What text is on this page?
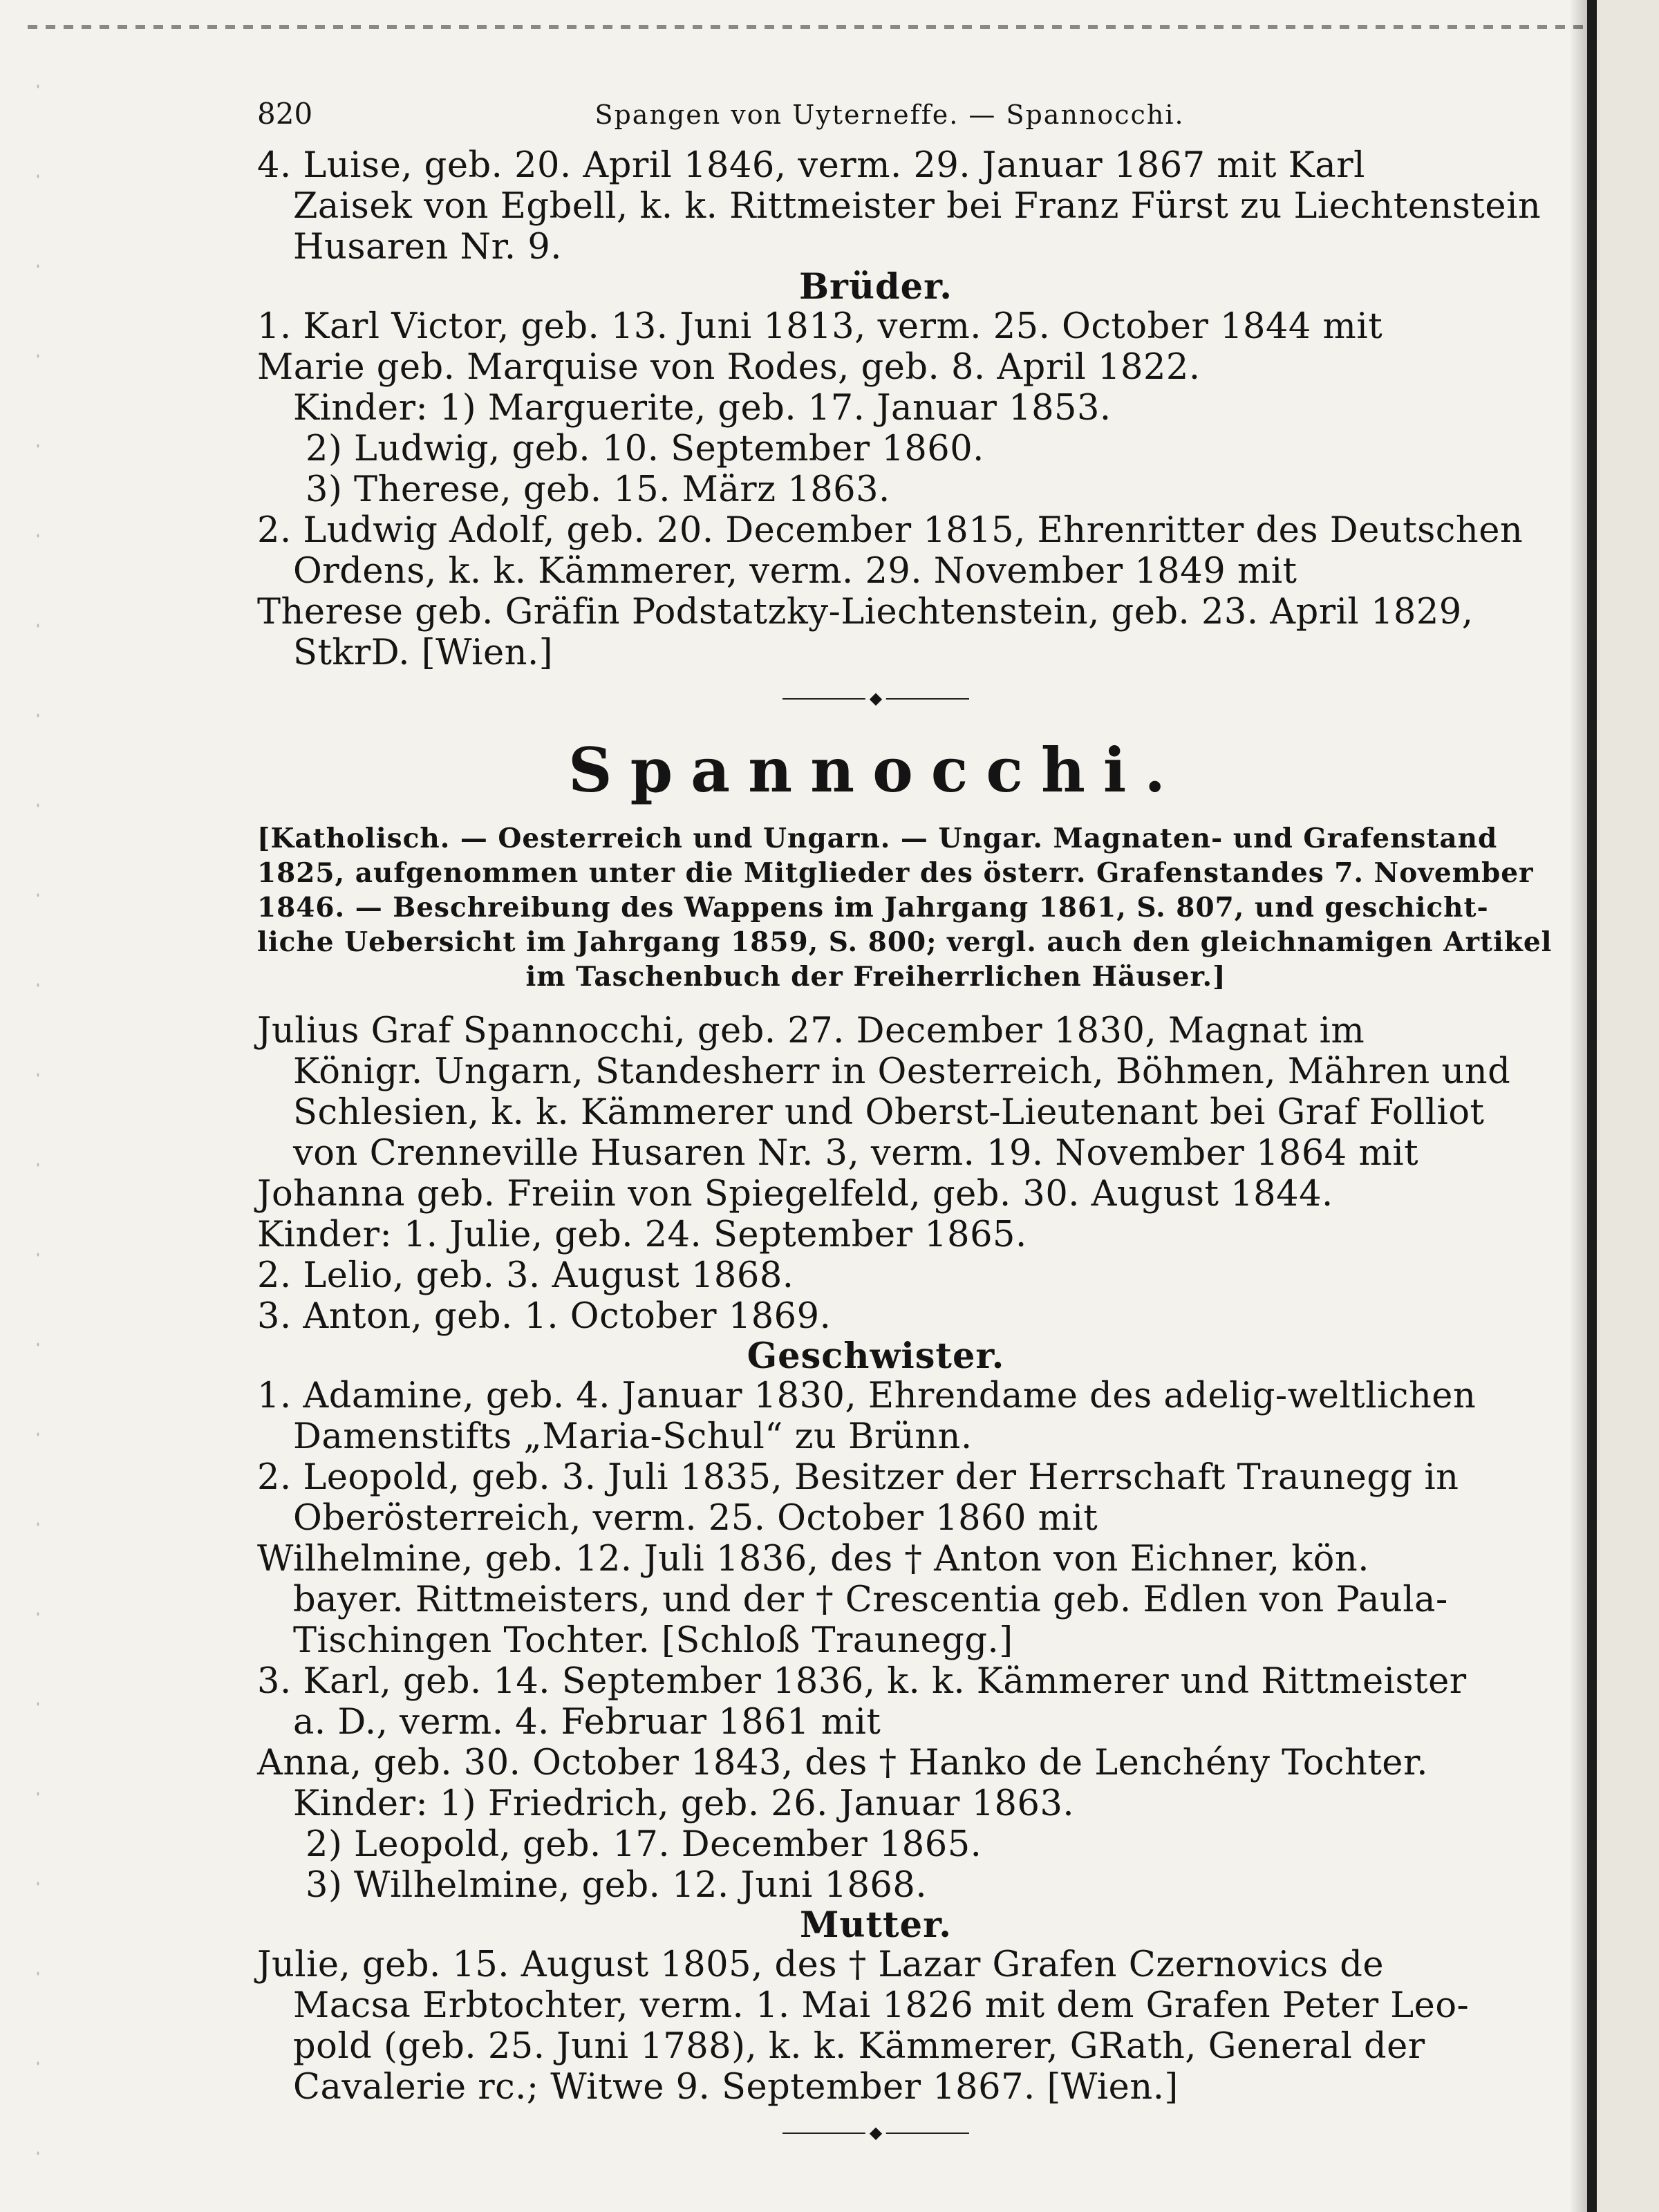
820	Spangen von Uyterneffe. — Spannocchi.
4. Luise, geb. 20. April 1846, verm. 29. Januar 1867 mit Karl
Zaisek von Egbell, k. k. Rittmeister bei Franz Fürst zu Liechtenstein
Husaren Nr. 9.
Brüder.
1. Karl Victor, geb. 13. Juni 1813, verm. 25. October 1844 mit
Marie geb. Marquise von Rodes, geb. 8. April 1822.
Kinder: 1) Marguerite, geb. 17. Januar 1853.
2) Ludwig, geb. 10. September 1860.
3) Therese, geb. 15. März 1863.
2. Ludwig Adolf, geb. 20. December 1815, Ehrenritter des Deutschen
Ordens, k. k. Kämmerer, verm. 29. November 1849 mit
Therese geb. Gräfin Podstatzky-Liechtenstein, geb. 23. April 1829,
StkrD. [Wien.]
◆
Spannocchi.
[Katholisch. — Oesterreich und Ungarn. — Ungar. Magnaten- und Grafenstand
1825, aufgenommen unter die Mitglieder des österr. Grafenstandes 7. November
1846. — Beschreibung des Wappens im Jahrgang 1861, S. 807, und geschicht-
liche Uebersicht im Jahrgang 1859, S. 800; vergl. auch den gleichnamigen Artikel
im Taschenbuch der Freiherrlichen Häuser.]
Julius Graf Spannocchi, geb. 27. December 1830, Magnat im
Königr. Ungarn, Standesherr in Oesterreich, Böhmen, Mähren und
Schlesien, k. k. Kämmerer und Oberst-Lieutenant bei Graf Folliot
von Crenneville Husaren Nr. 3, verm. 19. November 1864 mit
Johanna geb. Freiin von Spiegelfeld, geb. 30. August 1844.
Kinder: 1. Julie, geb. 24. September 1865.
2. Lelio, geb. 3. August 1868.
3. Anton, geb. 1. October 1869.
Geschwister.
1. Adamine, geb. 4. Januar 1830, Ehrendame des adelig-weltlichen
Damenstifts „Maria-Schul“ zu Brünn.
2. Leopold, geb. 3. Juli 1835, Besitzer der Herrschaft Traunegg in
Oberösterreich, verm. 25. October 1860 mit
Wilhelmine, geb. 12. Juli 1836, des † Anton von Eichner, kön.
bayer. Rittmeisters, und der † Crescentia geb. Edlen von Paula-
Tischingen Tochter. [Schloß Traunegg.]
3. Karl, geb. 14. September 1836, k. k. Kämmerer und Rittmeister
a. D., verm. 4. Februar 1861 mit
Anna, geb. 30. October 1843, des † Hanko de Lenchény Tochter.
Kinder: 1) Friedrich, geb. 26. Januar 1863.
2) Leopold, geb. 17. December 1865.
3) Wilhelmine, geb. 12. Juni 1868.
Mutter.
Julie, geb. 15. August 1805, des † Lazar Grafen Czernovics de
Macsa Erbtochter, verm. 1. Mai 1826 mit dem Grafen Peter Leo-
pold (geb. 25. Juni 1788), k. k. Kämmerer, GRath, General der
Cavalerie rc.; Witwe 9. September 1867. [Wien.]
◆
